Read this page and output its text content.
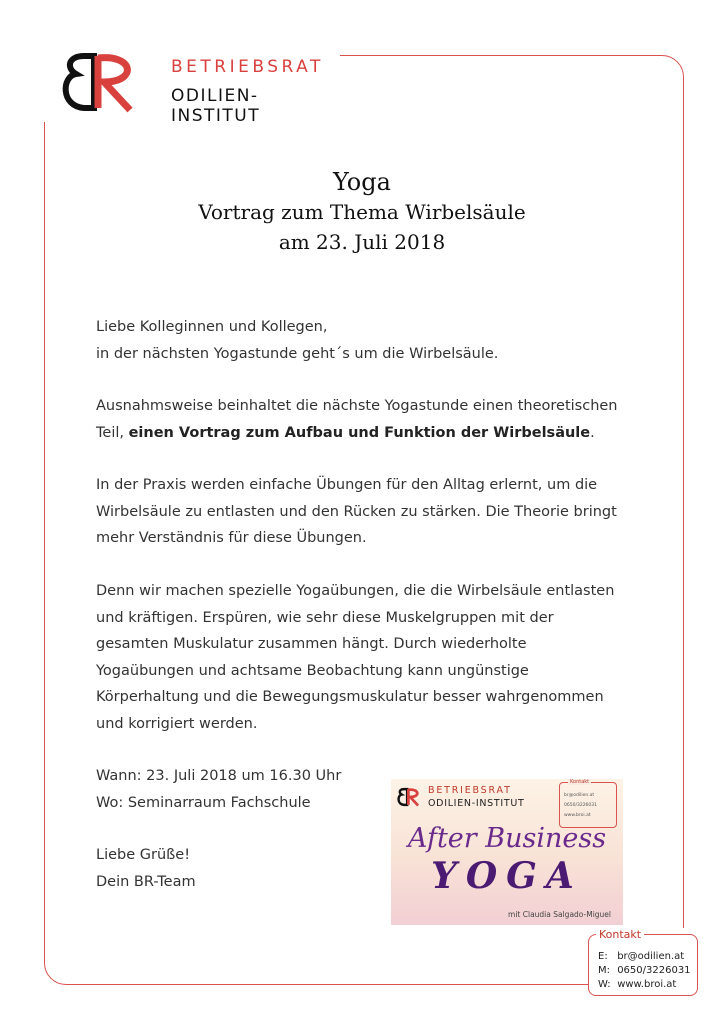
BETRIEBSRAT
ODILIEN-INSTITUT
Yoga
Vortrag zum Thema Wirbelsäule
am 23. Juli 2018
Liebe Kolleginnen und Kollegen,
in der nächsten Yogastunde geht´s um die Wirbelsäule.
Ausnahmsweise beinhaltet die nächste Yogastunde einen theoretischen
Teil, einen Vortrag zum Aufbau und Funktion der Wirbelsäule.
In der Praxis werden einfache Übungen für den Alltag erlernt, um die
Wirbelsäule zu entlasten und den Rücken zu stärken. Die Theorie bringt
mehr Verständnis für diese Übungen.
Denn wir machen spezielle Yogaübungen, die die Wirbelsäule entlasten
und kräftigen. Erspüren, wie sehr diese Muskelgruppen mit der
gesamten Muskulatur zusammen hängt. Durch wiederholte
Yogaübungen und achtsame Beobachtung kann ungünstige
Körperhaltung und die Bewegungsmuskulatur besser wahrgenommen
und korrigiert werden.
Wann: 23. Juli 2018 um 16.30 Uhr
Wo: Seminarraum Fachschule
Liebe Grüße!
Dein BR-Team
BETRIEBSRAT
ODILIEN-INSTITUT
Kontakt
br@odilien.at
0650/3226031
www.broi.at
After Business
YOGA
mit Claudia Salgado-Miguel
Kontakt
E: br@odilien.at
M: 0650/3226031
W: www.broi.at
